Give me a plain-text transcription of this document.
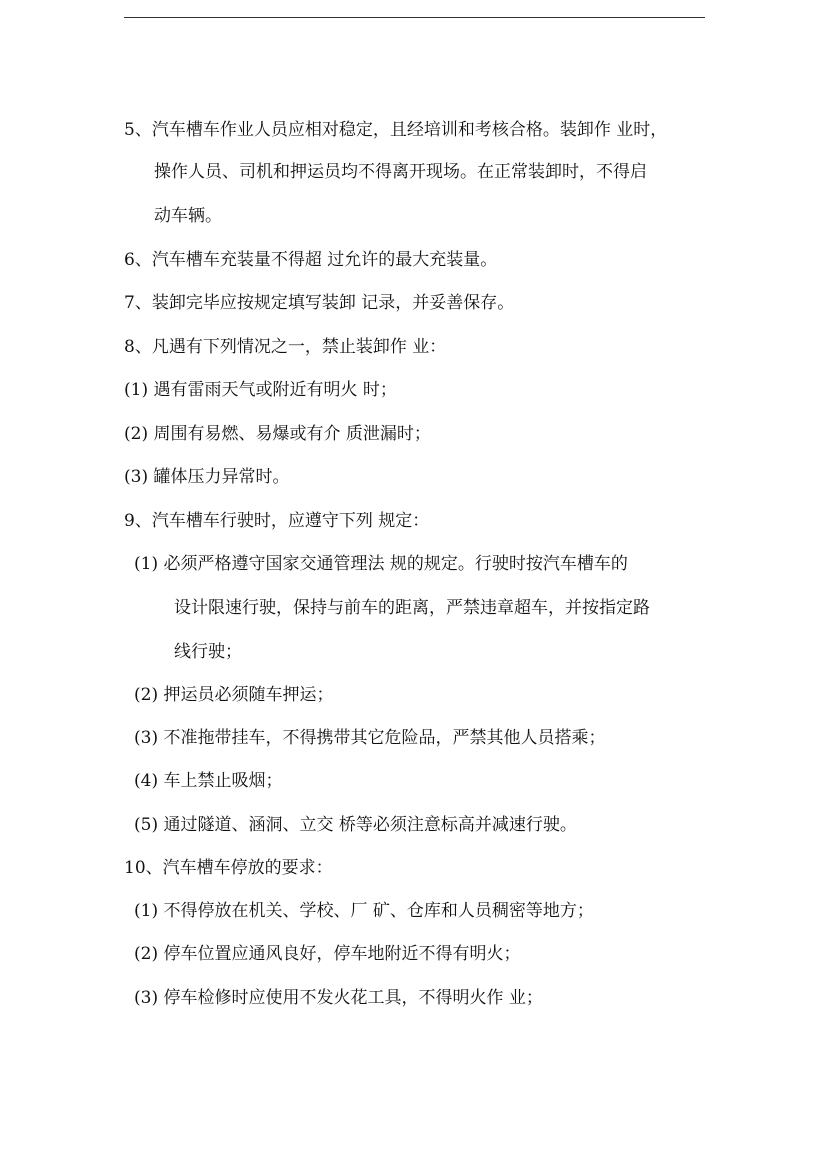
5、汽车槽车作业人员应相对稳定，且经培训和考核合格。装卸作 业时，
操作人员、司机和押运员均不得离开现场。在正常装卸时，不得启
动车辆。
6、汽车槽车充装量不得超 过允许的最大充装量。
7、装卸完毕应按规定填写装卸 记录，并妥善保存。
8、凡遇有下列情况之一，禁止装卸作 业：
(1) 遇有雷雨天气或附近有明火 时；
(2) 周围有易燃、易爆或有介 质泄漏时；
(3) 罐体压力异常时。
9、汽车槽车行驶时，应遵守下列 规定：
(1) 必须严格遵守国家交通管理法 规的规定。行驶时按汽车槽车的
设计限速行驶，保持与前车的距离，严禁违章超车，并按指定路
线行驶；
(2) 押运员必须随车押运；
(3) 不准拖带挂车，不得携带其它危险品，严禁其他人员搭乘；
(4) 车上禁止吸烟；
(5) 通过隧道、涵洞、立交 桥等必须注意标高并减速行驶。
10、汽车槽车停放的要求：
(1) 不得停放在机关、学校、厂 矿、仓库和人员稠密等地方；
(2) 停车位置应通风良好，停车地附近不得有明火；
(3) 停车检修时应使用不发火花工具，不得明火作 业；
